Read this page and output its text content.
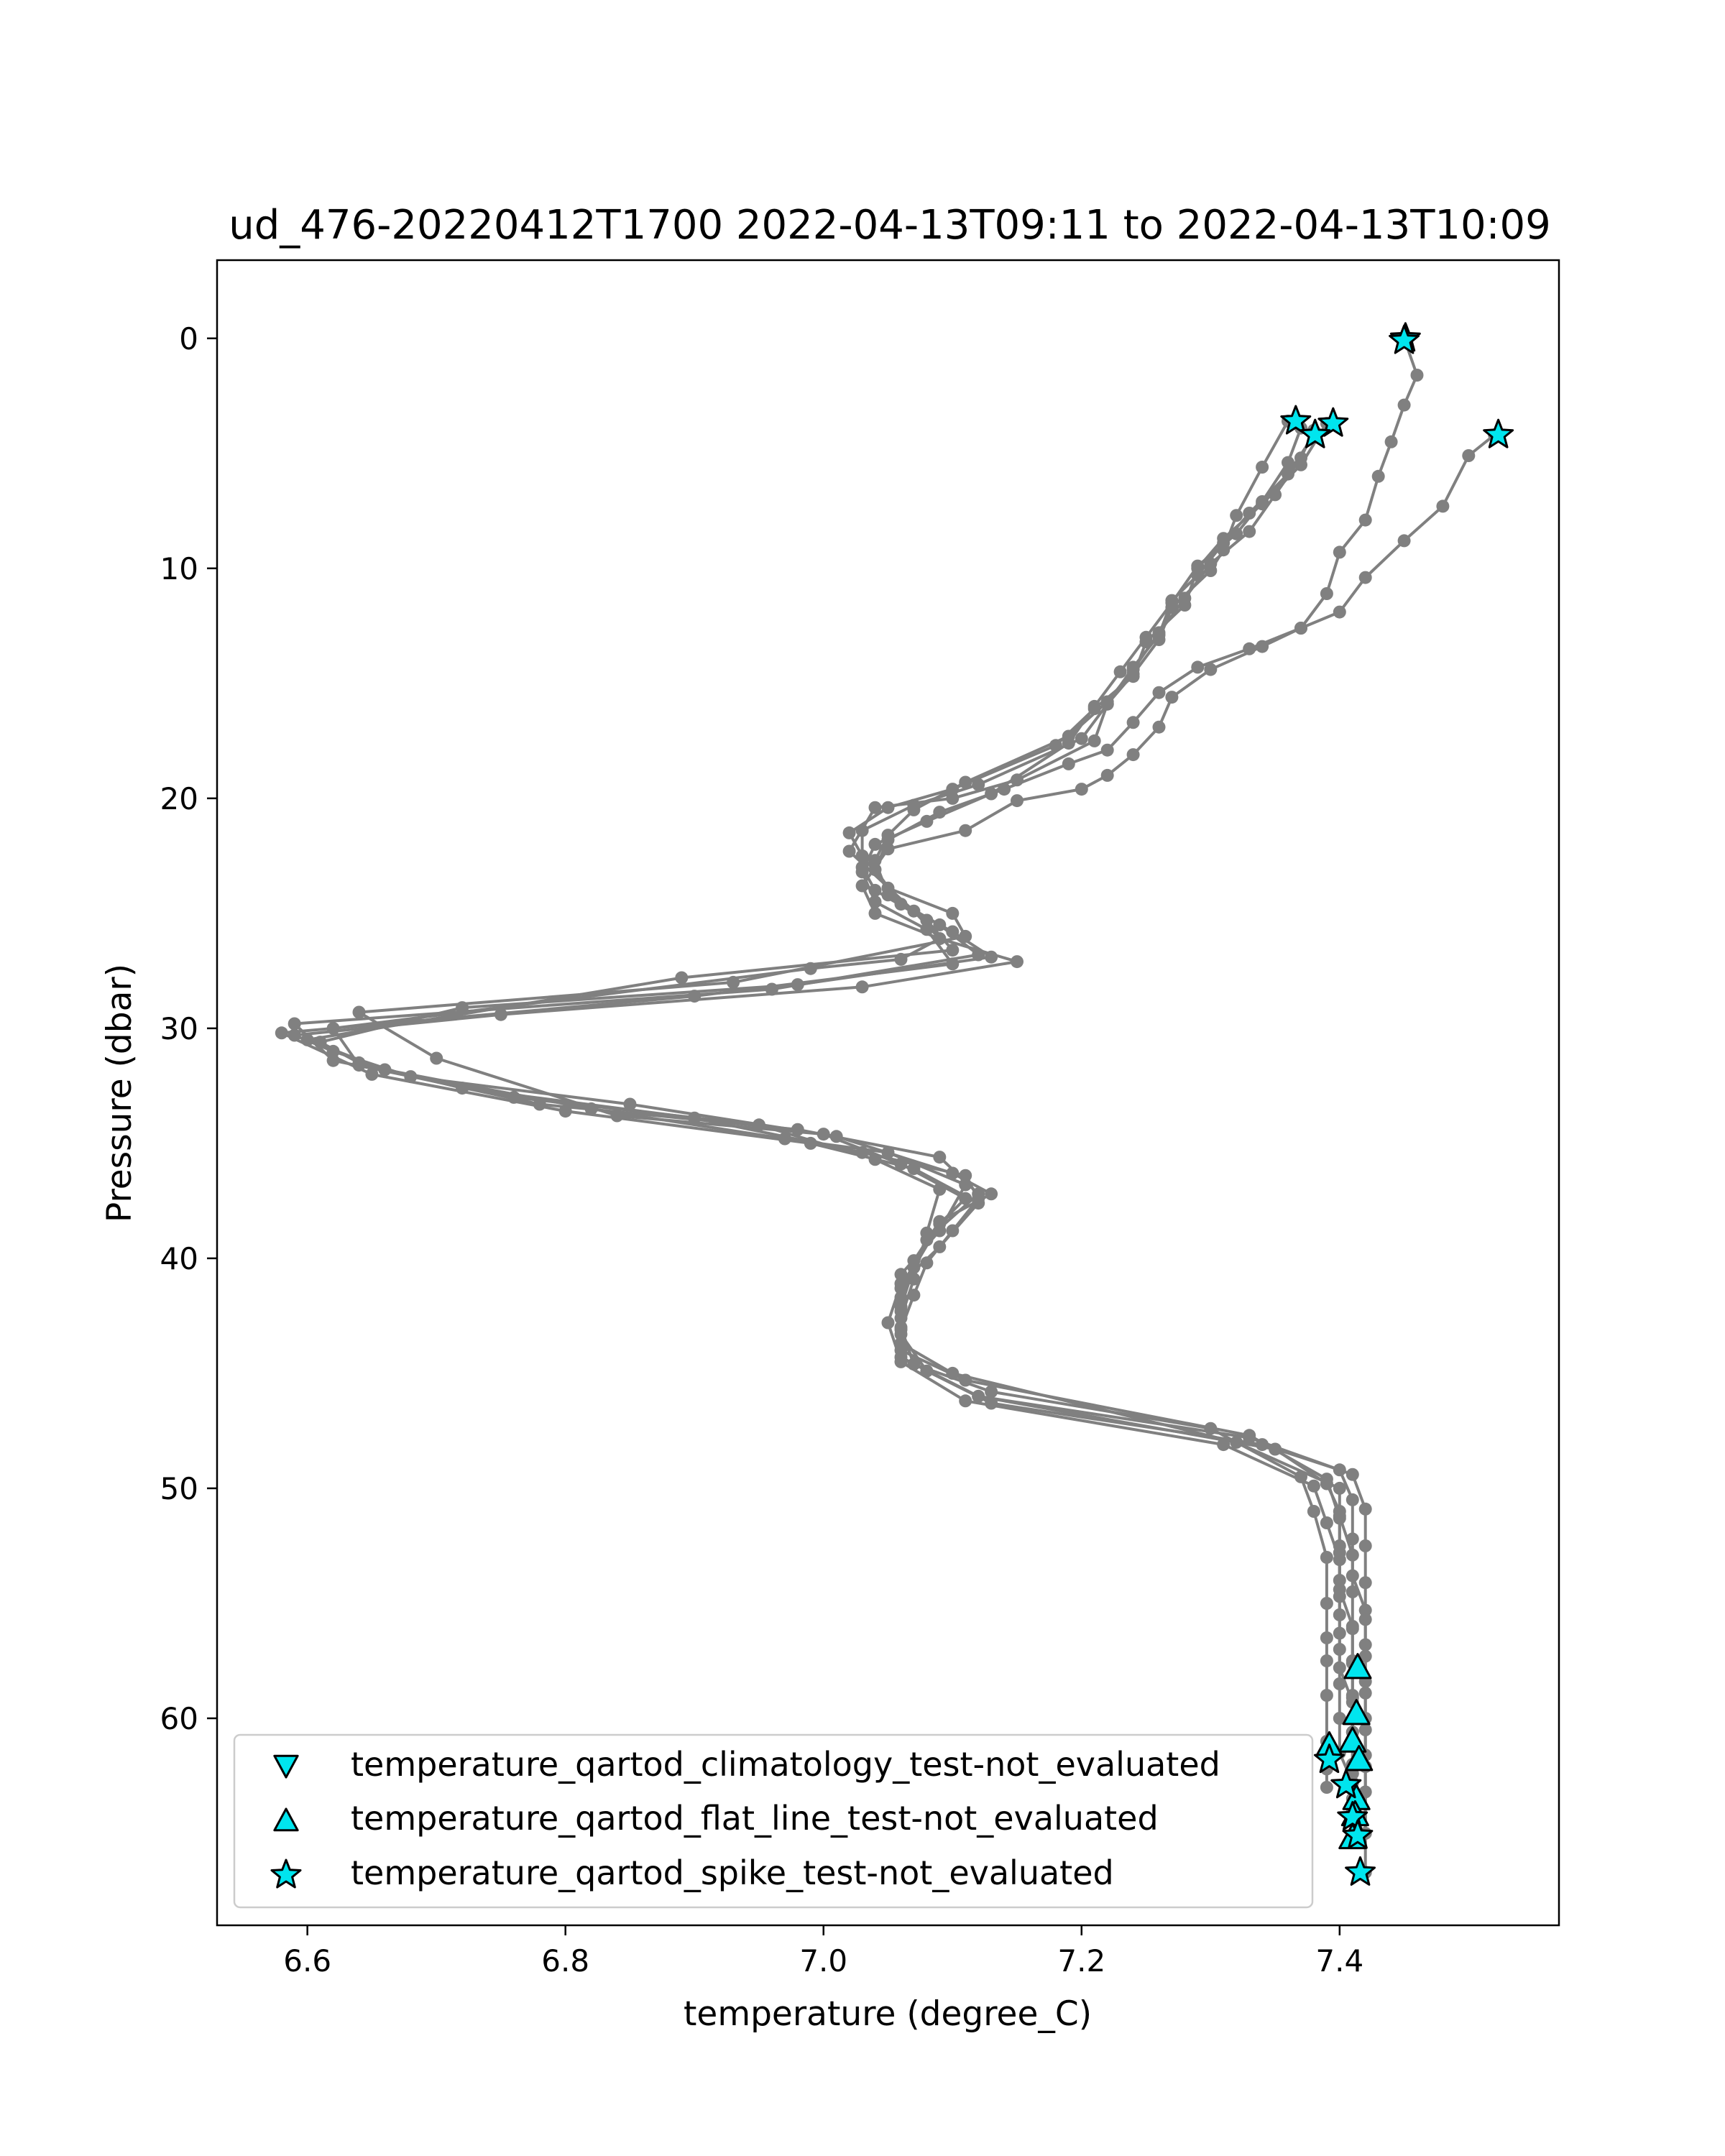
ud_476-20220412T1700 2022-04-13T09:11 to 2022-04-13T10:09
6.6	6.8	7.0	7.2	7.4
0
10
20
30
40
50
60
temperature (degree_C)
Pressure (dbar)
temperature_qartod_climatology_test-not_evaluated
temperature_qartod_flat_line_test-not_evaluated
temperature_qartod_spike_test-not_evaluated
